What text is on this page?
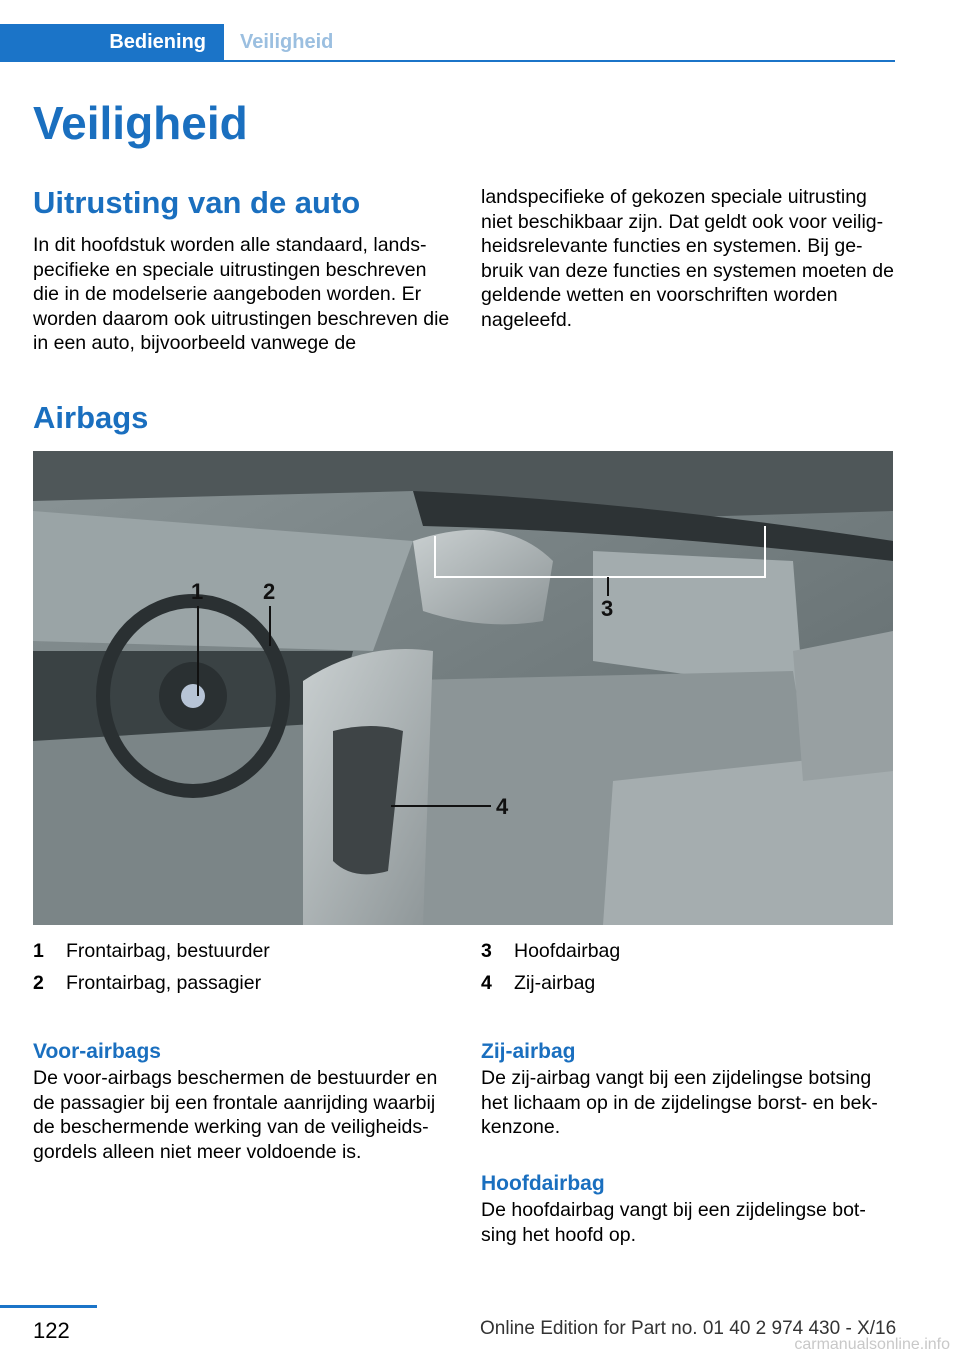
Bediening	Veiligheid
Veiligheid
Uitrusting van de auto
In dit hoofdstuk worden alle standaard, lands-pecifieke en speciale uitrustingen beschreven die in de modelserie aangeboden worden. Er worden daarom ook uitrustingen beschreven die in een auto, bijvoorbeeld vanwege de
landspecifieke of gekozen speciale uitrusting niet beschikbaar zijn. Dat geldt ook voor veilig-heidsrelevante functies en systemen. Bij ge-bruik van deze functies en systemen moeten de geldende wetten en voorschriften worden nageleefd.
Airbags
1	2
3
4
1	Frontairbag, bestuurder
2	Frontairbag, passagier
3	Hoofdairbag
4	Zij-airbag
Voor-airbags
De voor-airbags beschermen de bestuurder en de passagier bij een frontale aanrijding waarbij de beschermende werking van de veiligheids-gordels alleen niet meer voldoende is.
Zij-airbag
De zij-airbag vangt bij een zijdelingse botsing het lichaam op in de zijdelingse borst- en bek-kenzone.
Hoofdairbag
De hoofdairbag vangt bij een zijdelingse bot-sing het hoofd op.
122	Online Edition for Part no. 01 40 2 974 430 - X/16
carmanualsonline.info
